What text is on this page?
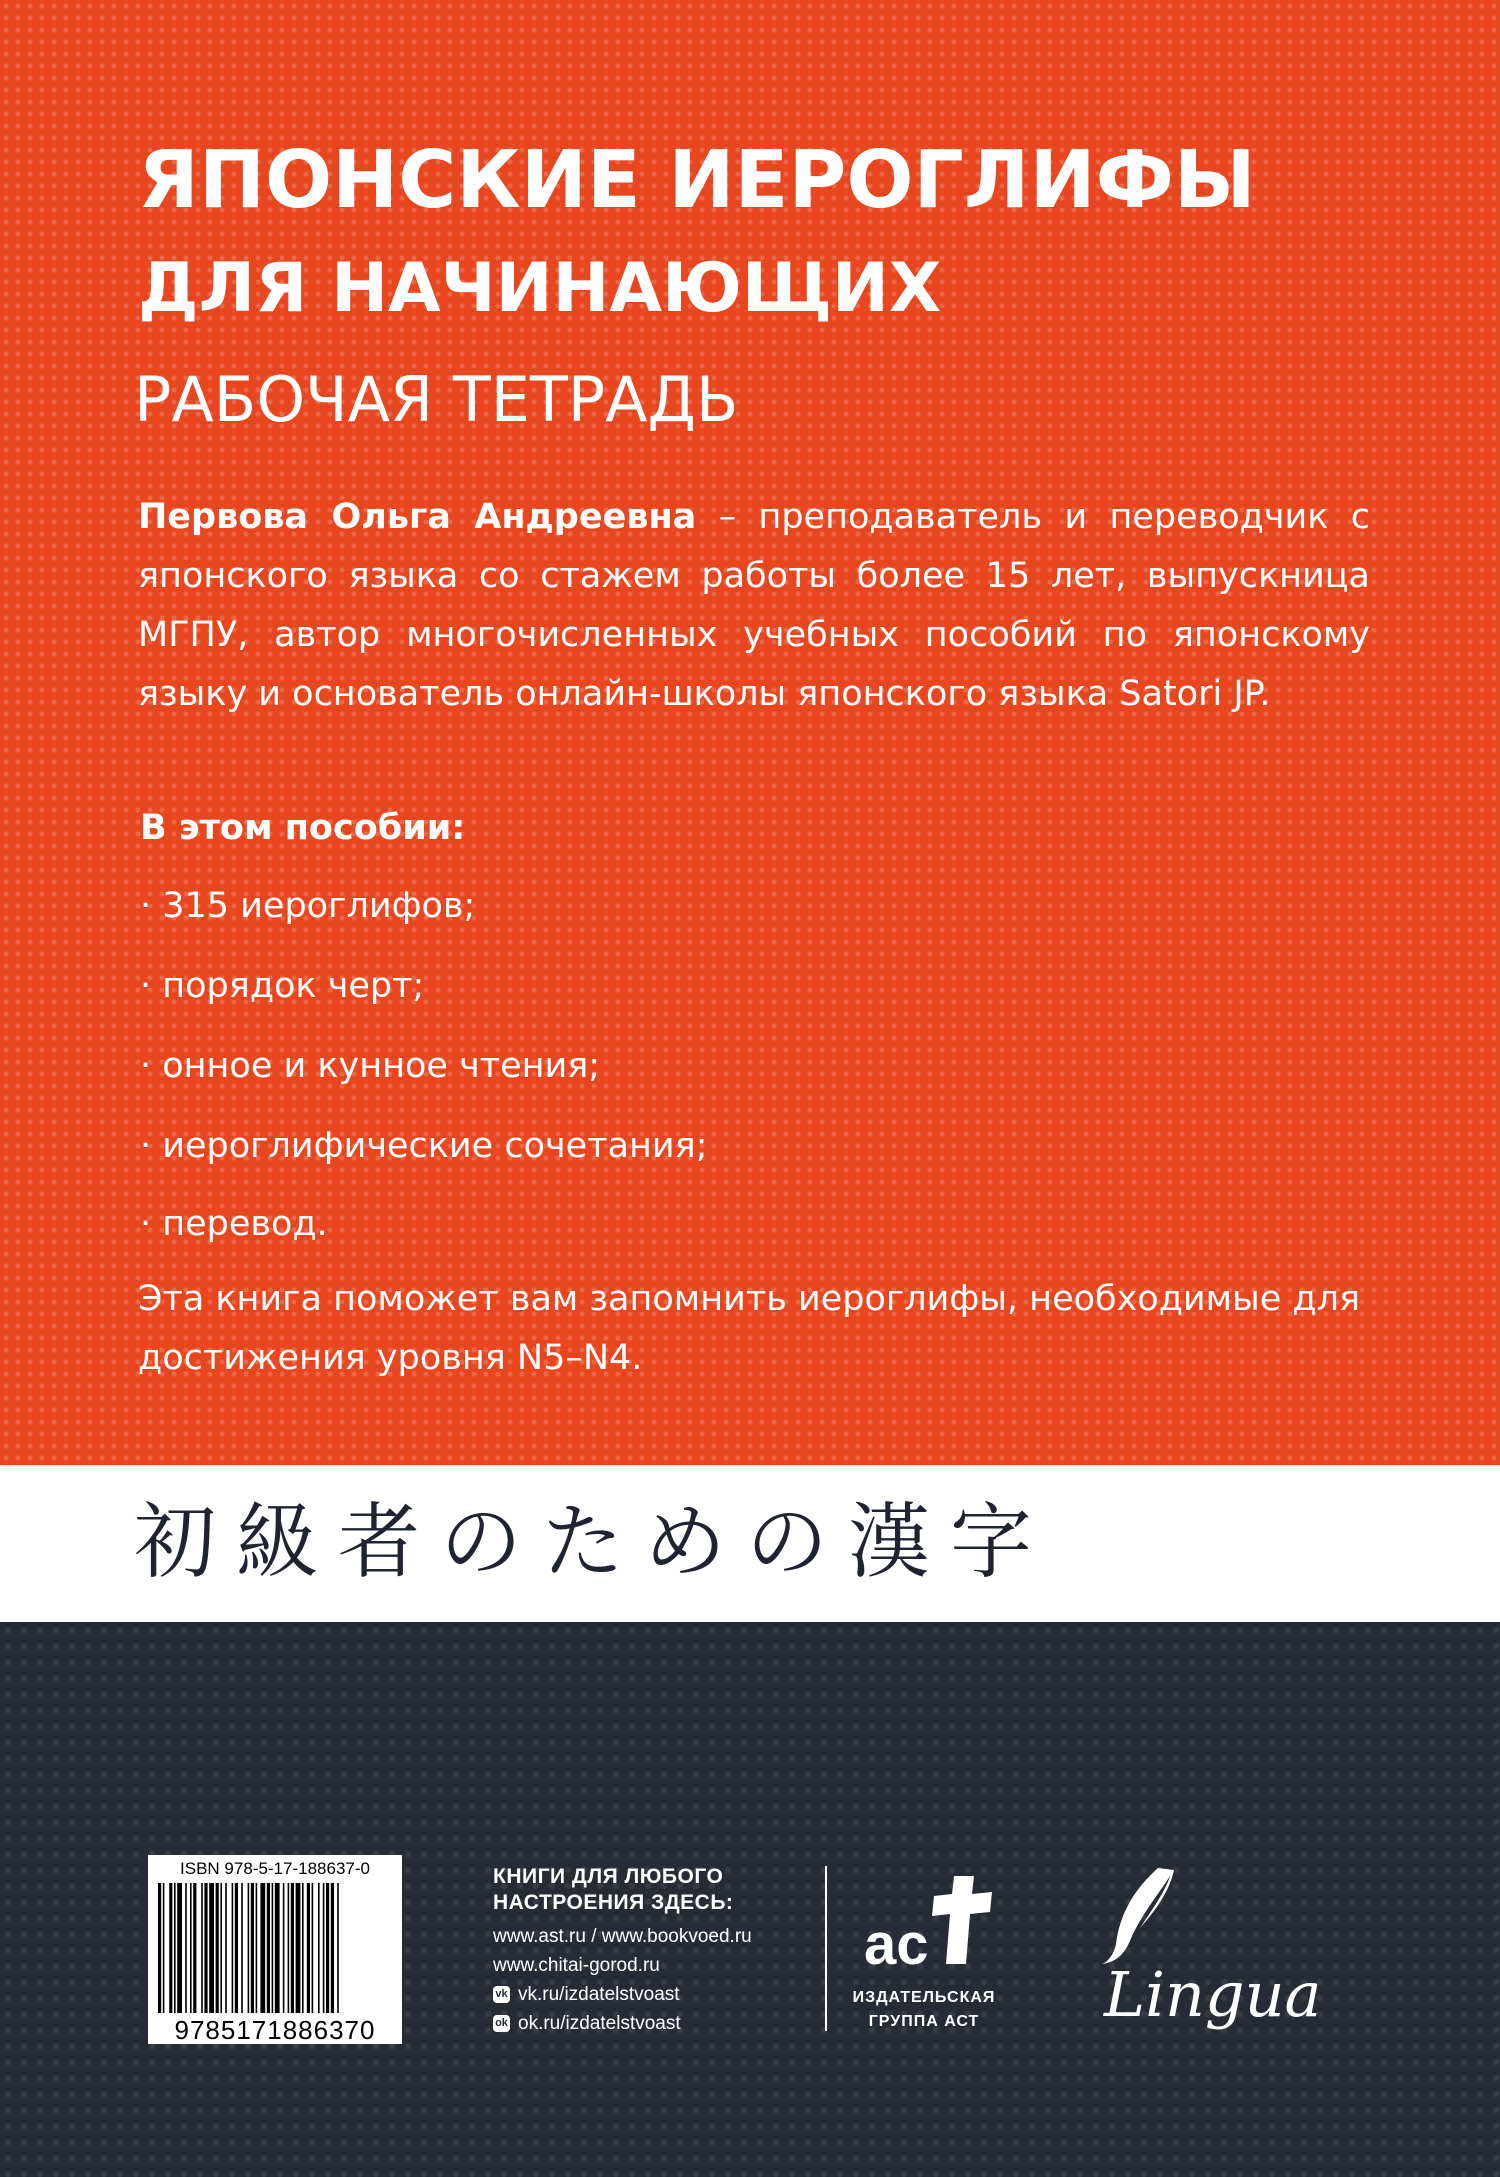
ЯПОНСКИЕ ИЕРОГЛИФЫ
ДЛЯ НАЧИНАЮЩИХ
РАБОЧАЯ ТЕТРАДЬ
Первова Ольга Андреевна – преподаватель и переводчик с японского языка со стажем работы более 15 лет, выпускница МГПУ, автор многочисленных учебных пособий по японскому языку и основатель онлайн-школы японского языка Satori JP.
В этом пособии:
· 315 иероглифов;
· порядок черт;
· онное и кунное чтения;
· иероглифические сочетания;
· перевод.
Эта книга поможет вам запомнить иероглифы, необходимые для достижения уровня N5–N4.
初級者のための漢字
ISBN 978-5-17-188637-0
9785171886370
КНИГИ ДЛЯ ЛЮБОГО
НАСТРОЕНИЯ ЗДЕСЬ:
www.ast.ru / www.bookvoed.ru
www.chitai-gorod.ru
vk vk.ru/izdatelstvoast
ok ok.ru/izdatelstvoast
ac
ИЗДАТЕЛЬСКАЯ
ГРУППА АСТ	Lingua
